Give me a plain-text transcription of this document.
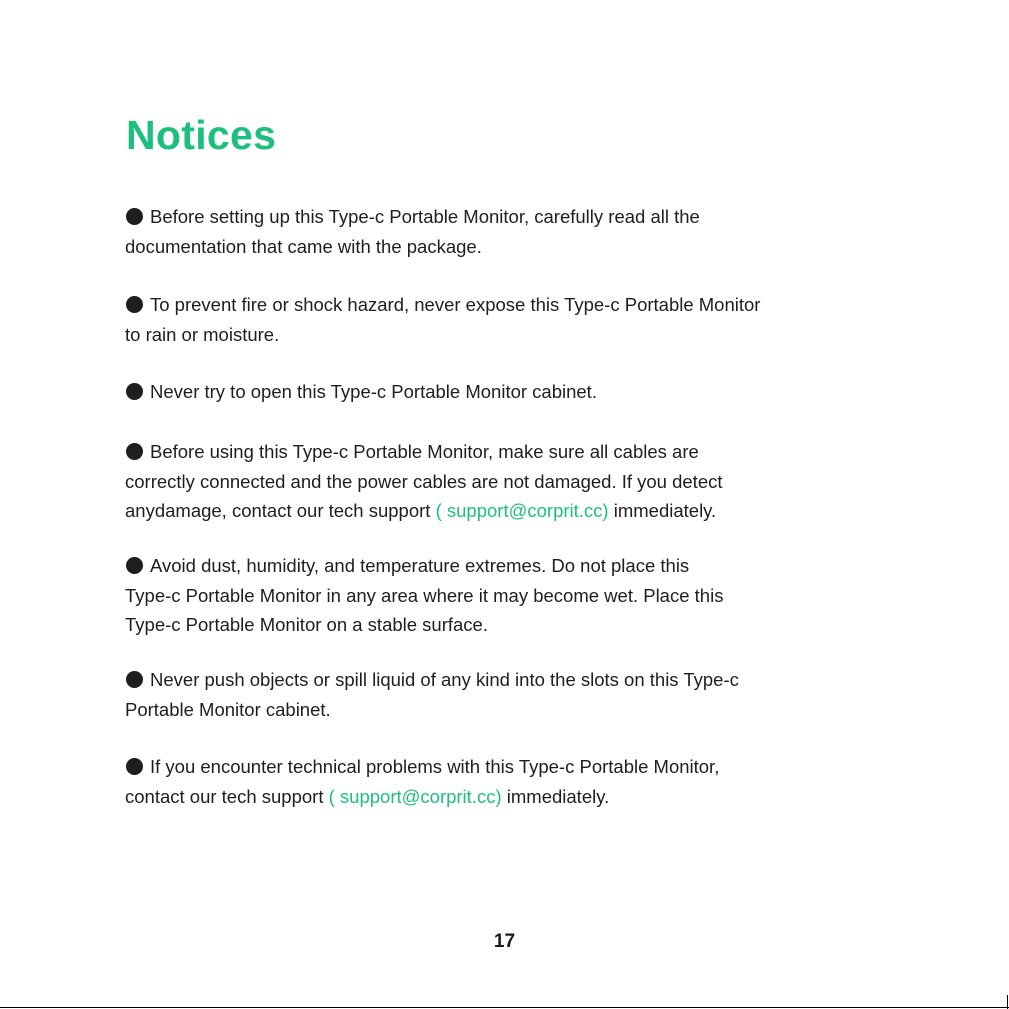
Notices
Before setting up this Type-c Portable Monitor, carefully read all the
documentation that came with the package.
To prevent fire or shock hazard, never expose this Type-c Portable Monitor
to rain or moisture.
Never try to open this Type-c Portable Monitor cabinet.
Before using this Type-c Portable Monitor, make sure all cables are
correctly connected and the power cables are not damaged. If you detect
anydamage, contact our tech support ( support@corprit.cc) immediately.
Avoid dust, humidity, and temperature extremes. Do not place this
Type-c Portable Monitor in any area where it may become wet. Place this
Type-c Portable Monitor on a stable surface.
Never push objects or spill liquid of any kind into the slots on this Type-c
Portable Monitor cabinet.
If you encounter technical problems with this Type-c Portable Monitor,
contact our tech support ( support@corprit.cc) immediately.
17
